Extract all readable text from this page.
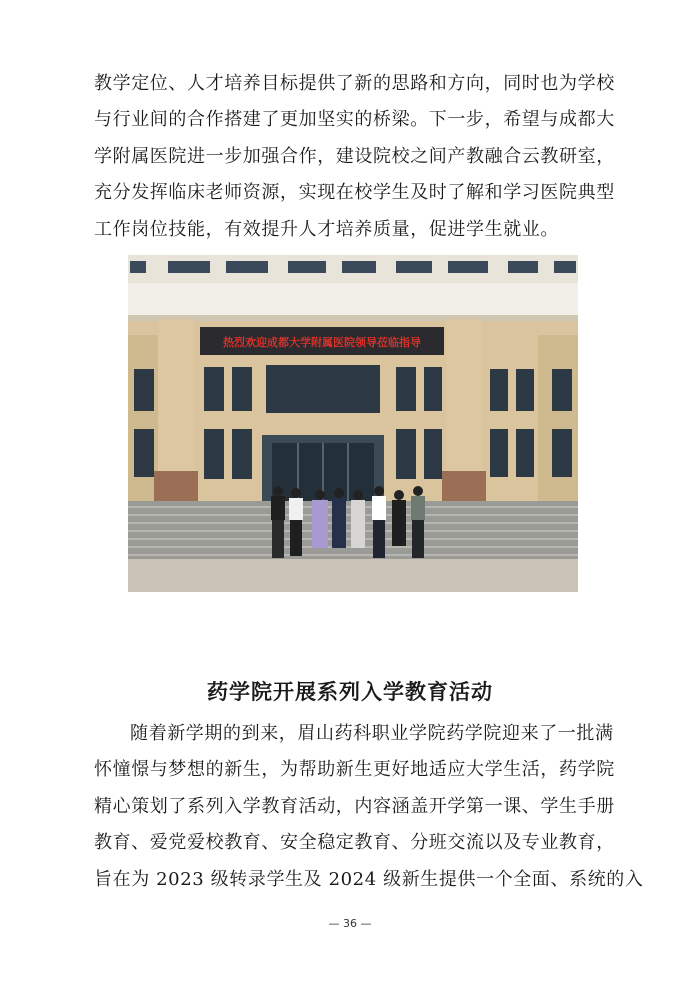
教学定位、人才培养目标提供了新的思路和方向，同时也为学校
与行业间的合作搭建了更加坚实的桥梁。下一步，希望与成都大
学附属医院进一步加强合作，建设院校之间产教融合云教研室，
充分发挥临床老师资源，实现在校学生及时了解和学习医院典型
工作岗位技能，有效提升人才培养质量，促进学生就业。
热烈欢迎成都大学附属医院领导莅临指导
药学院开展系列入学教育活动
随着新学期的到来，眉山药科职业学院药学院迎来了一批满
怀憧憬与梦想的新生，为帮助新生更好地适应大学生活，药学院
精心策划了系列入学教育活动，内容涵盖开学第一课、学生手册
教育、爱党爱校教育、安全稳定教育、分班交流以及专业教育，
旨在为 2023 级转录学生及 2024 级新生提供一个全面、系统的入
— 36 —
